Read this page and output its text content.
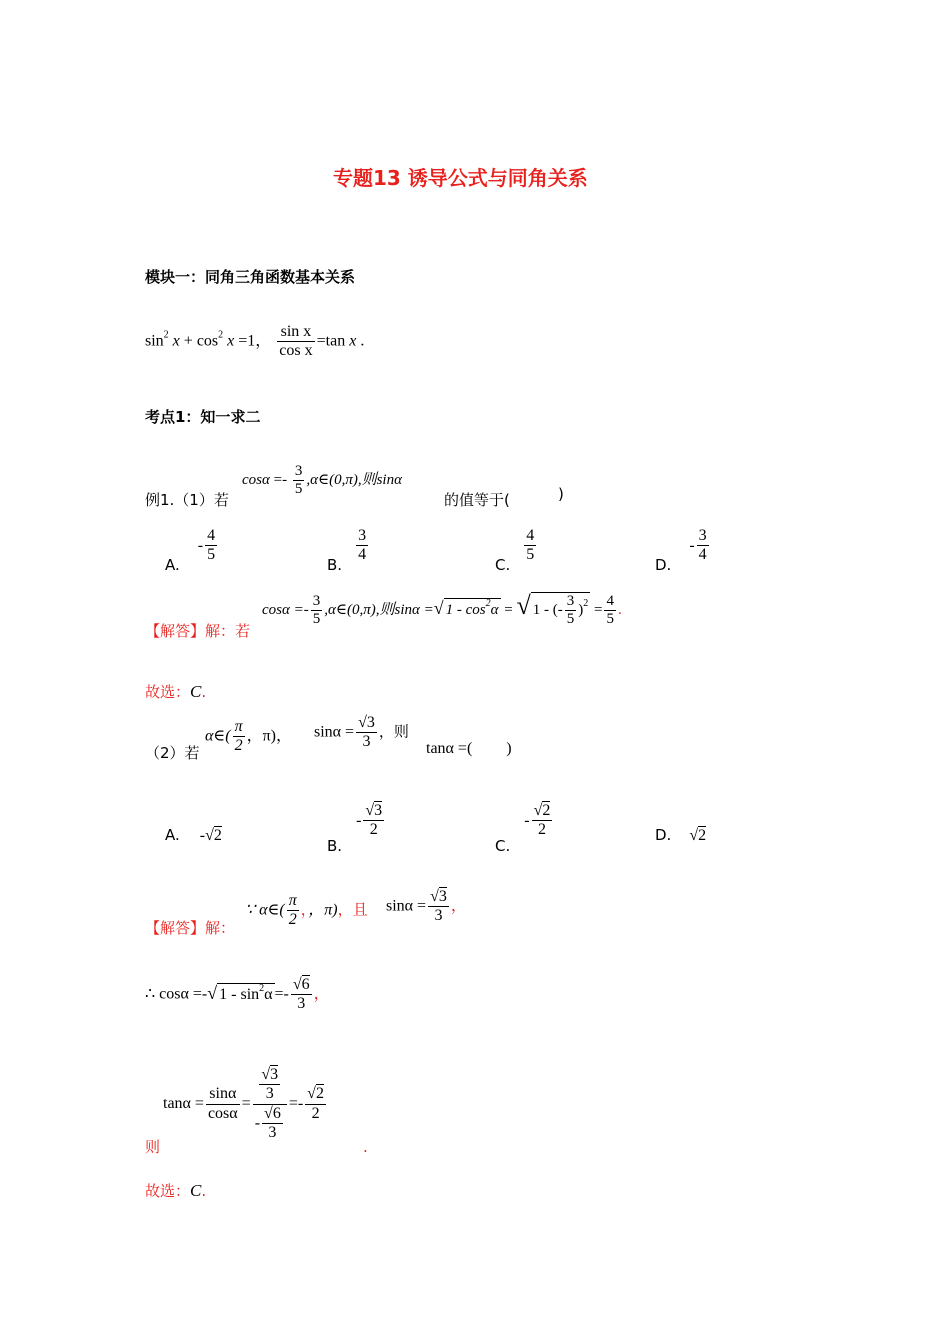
专题13 诱导公式与同角关系
模块一：同角三角函数基本关系
$\sin^2 x + \cos^2 x =1$， $\frac{\text{sin x}}{\text{cos x}} =\tan$ x .
考点1：知一求二
例1.（1）若
$\cos\alpha =- \frac{3}{5}$ ,α∈(0,π),则sinα
的值等于(	)
A. - $\frac{4}{5}$	B. $\frac{3}{4}$	C. $\frac{4}{5}$	D. - $\frac{3}{4}$
【解答】解：若
$\cos\alpha =- \frac{3}{5}$ ,α∈(0,π),则sinα =√ $1 - \cos^2\alpha$ = √ 1 - (- $\frac{3}{5} )^2 = \frac{4}{5}$ .
故选：C.
（2）若
α∈( $\frac{\pi}{2}$ ，π)， $\sin\alpha = \frac{√3}{3}$ ，则
tanα =( )
A. -√2
B. - $\frac{√3}{2}$
C. - $\frac{√2}{2}$	D. √2
【解答】解：
∵ α∈( $\frac{\pi}{2}$ ，，π)，且 $\sin\alpha = \frac{√3}{3}$ ，
∴ cosα =-√ $1 - \sin^2\alpha =- \frac{√6}{3}$ ，
$\tan\alpha = \frac{\sin\alpha}{\cos\alpha} = \frac{\frac{√3}{3}}{- \frac{√6}{3}} =- \frac{√2}{2}$
则	.
故选：C.
